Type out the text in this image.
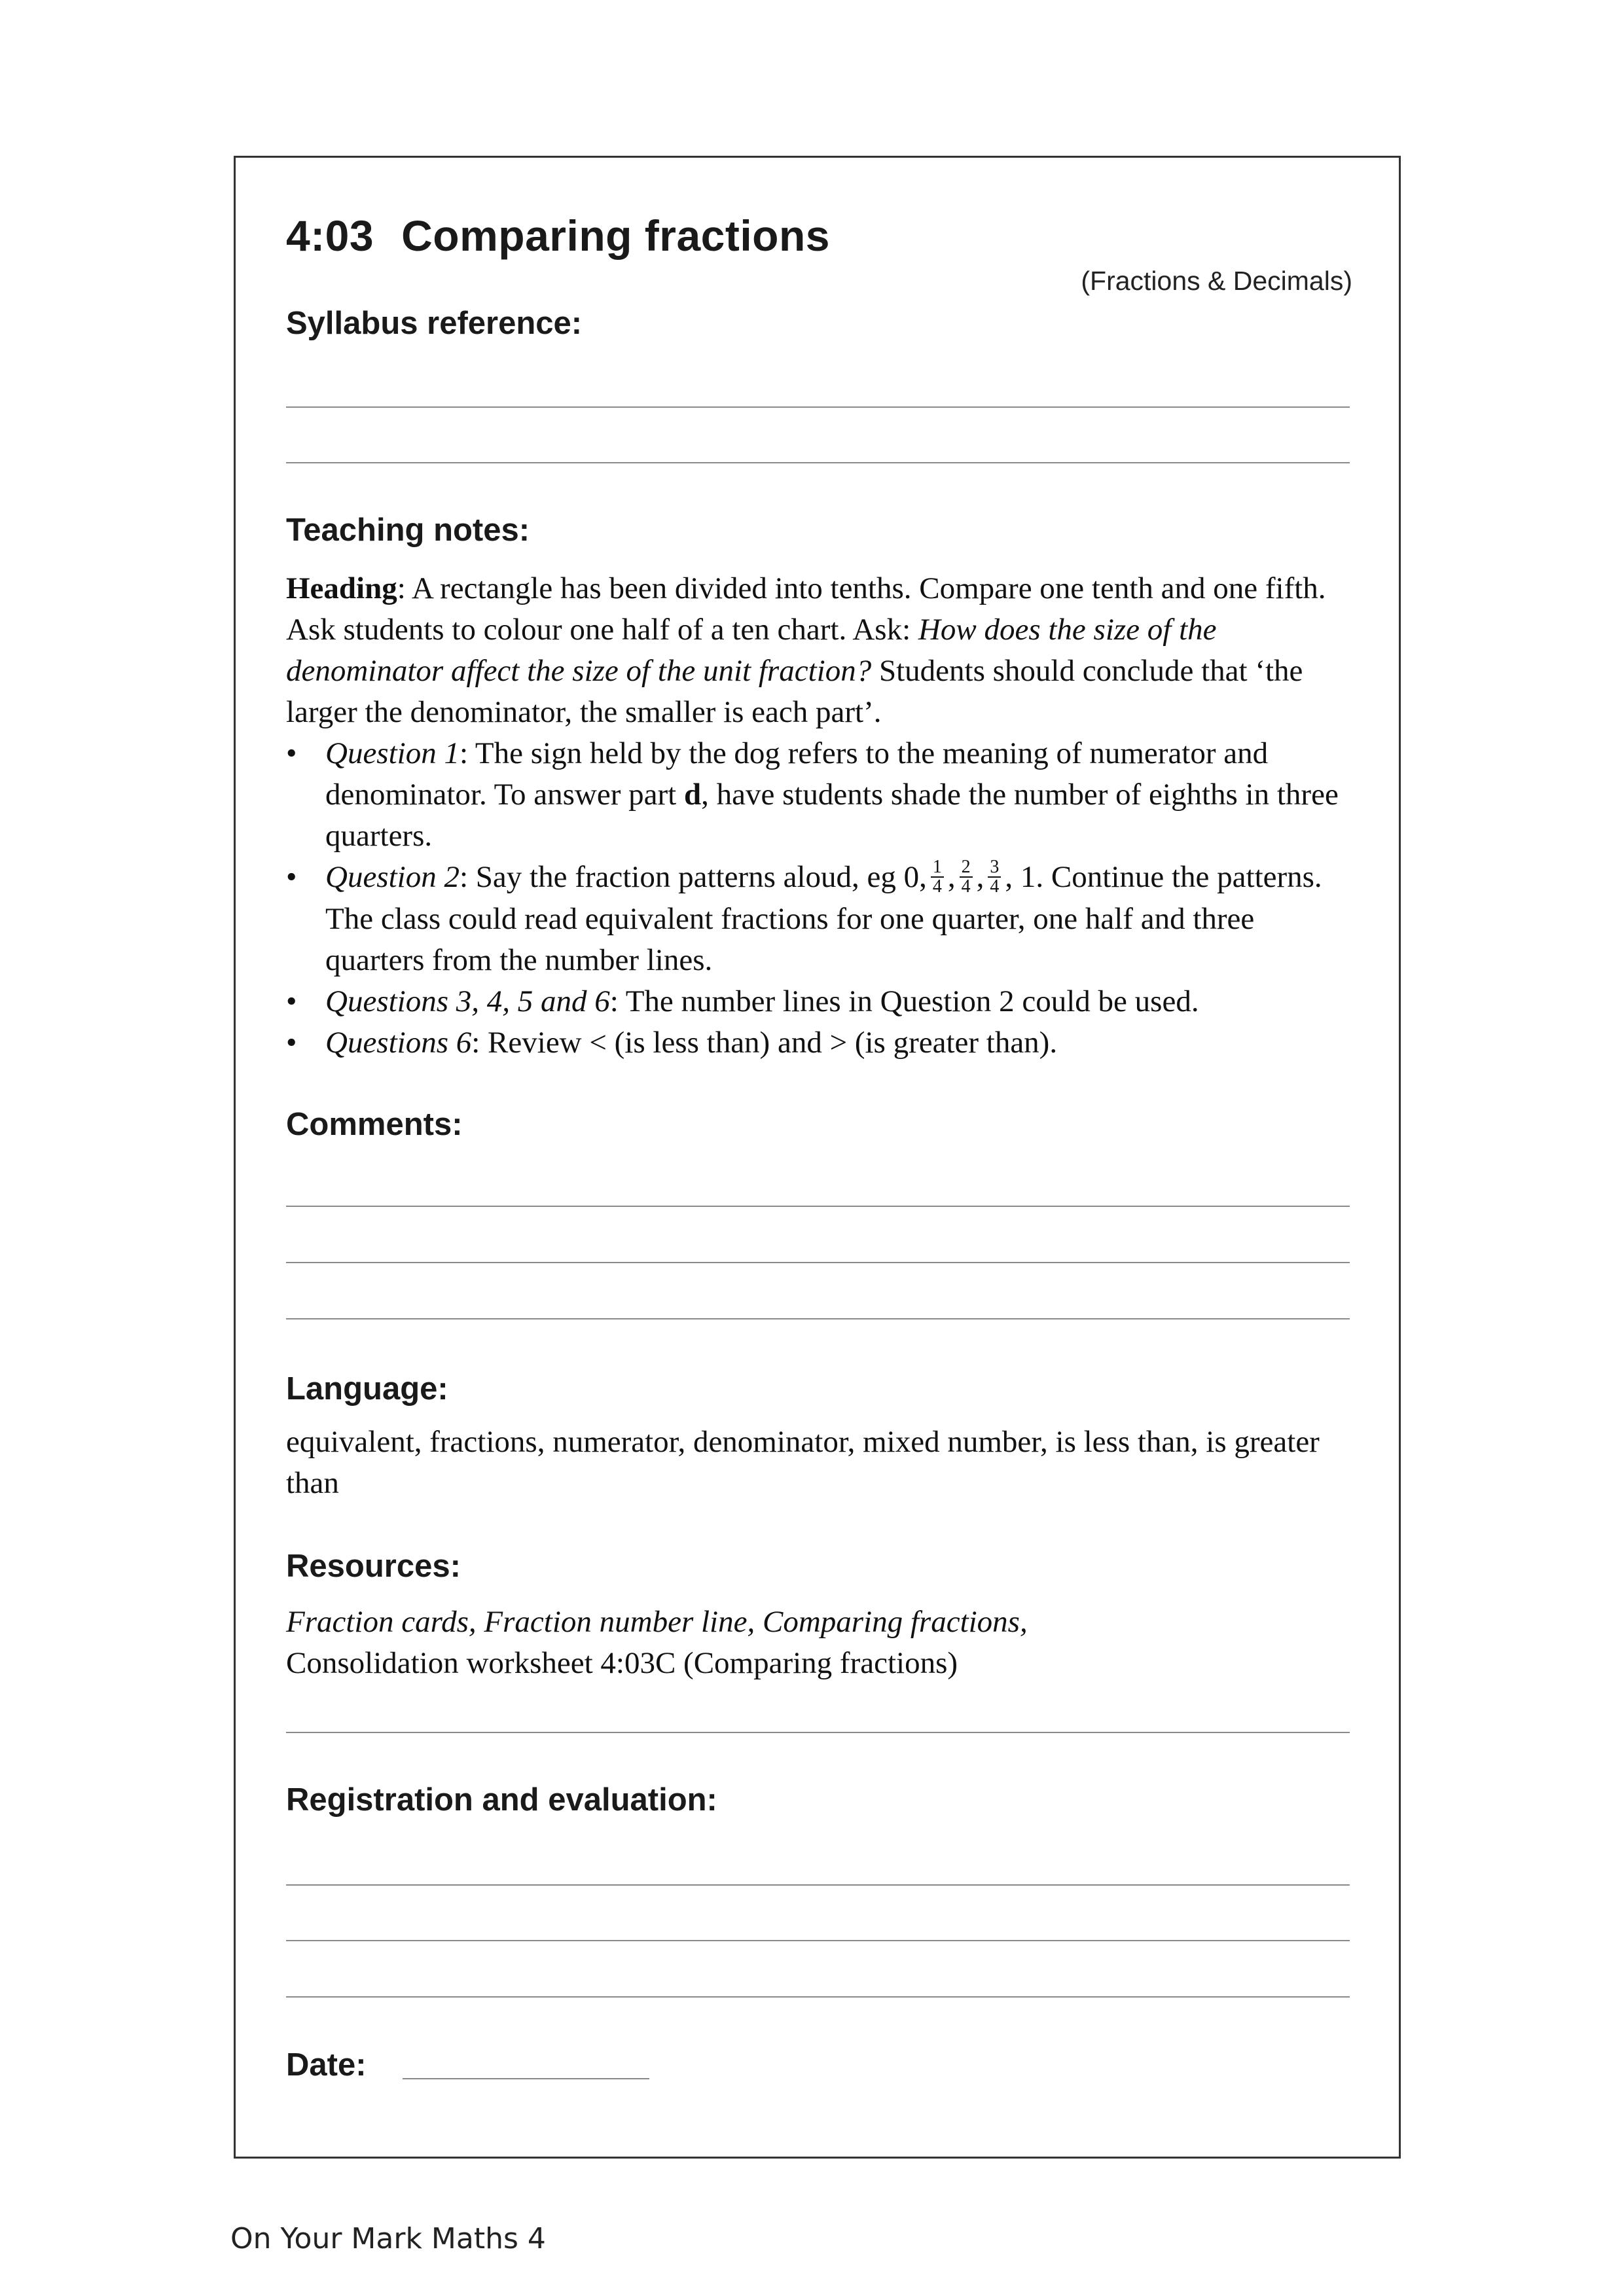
4:03 Comparing fractions
(Fractions & Decimals)
Syllabus reference:
Teaching notes:

Heading: A rectangle has been divided into tenths. Compare one tenth and one fifth. Ask students to colour one half of a ten chart. Ask: How does the size of the denominator affect the size of the unit fraction? Students should conclude that ‘the larger the denominator, the smaller is each part’.

• Question 1: The sign held by the dog refers to the meaning of numerator and denominator. To answer part d, have students shade the number of eighths in three quarters.
• Question 2: Say the fraction patterns aloud, eg 0, $\frac{1}{4}$ , $\frac{2}{4}$ , $\frac{3}{4}$ , 1. Continue the patterns. The class could read equivalent fractions for one quarter, one half and three quarters from the number lines.
• Questions 3, 4, 5 and 6: The number lines in Question 2 could be used.
• Questions 6: Review < (is less than) and > (is greater than).
Comments:
Language:

equivalent, fractions, numerator, denominator, mixed number, is less than, is greater than

Resources:

Fraction cards, Fraction number line, Comparing fractions,
Consolidation worksheet 4:03C (Comparing fractions)

Registration and evaluation:
Date:
On Your Mark Maths 4
